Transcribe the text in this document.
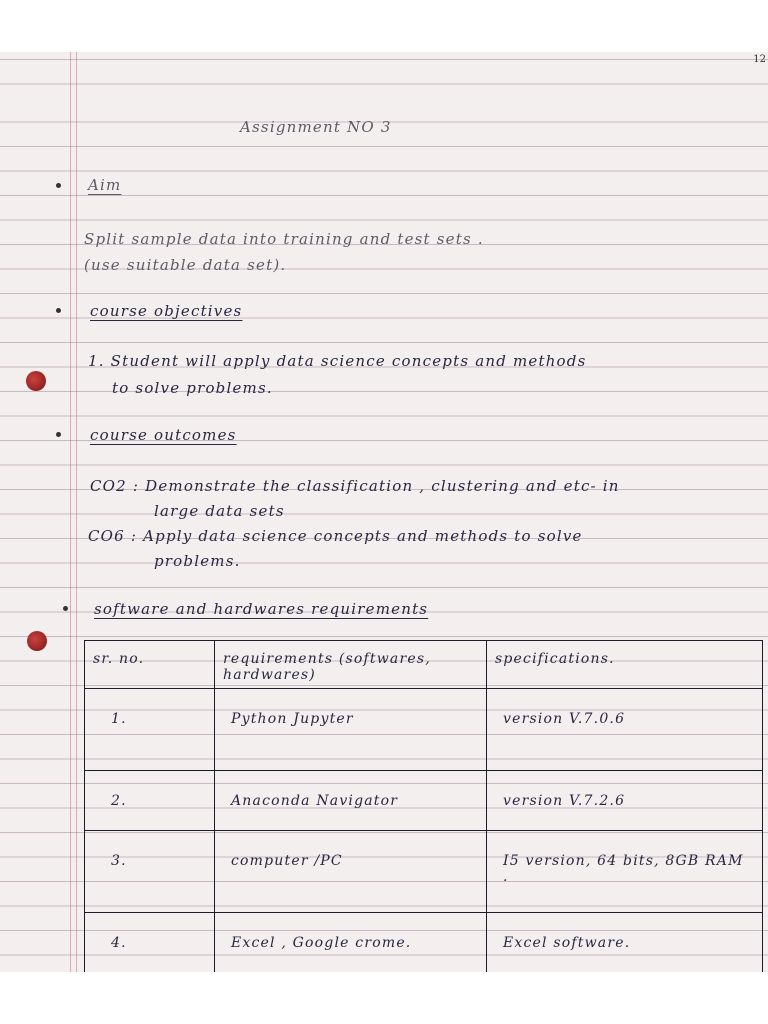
12
Assignment NO 3
Aim
Split sample data into training and test sets .
(use suitable data set).
course objectives
1. Student will apply data science concepts and methods
to solve problems.
course outcomes
CO2 : Demonstrate the classification , clustering and etc- in
large data sets
CO6 : Apply data science concepts and methods to solve
problems.
software and hardwares requirements
sr. no.	requirements (softwares, hardwares)	specifications.
1.	Python Jupyter	version V.7.0.6
2.	Anaconda Navigator	version V.7.2.6
3.	computer /PC	I5 version, 64 bits, 8GB RAM .
4.	Excel , Google crome.	Excel software.
